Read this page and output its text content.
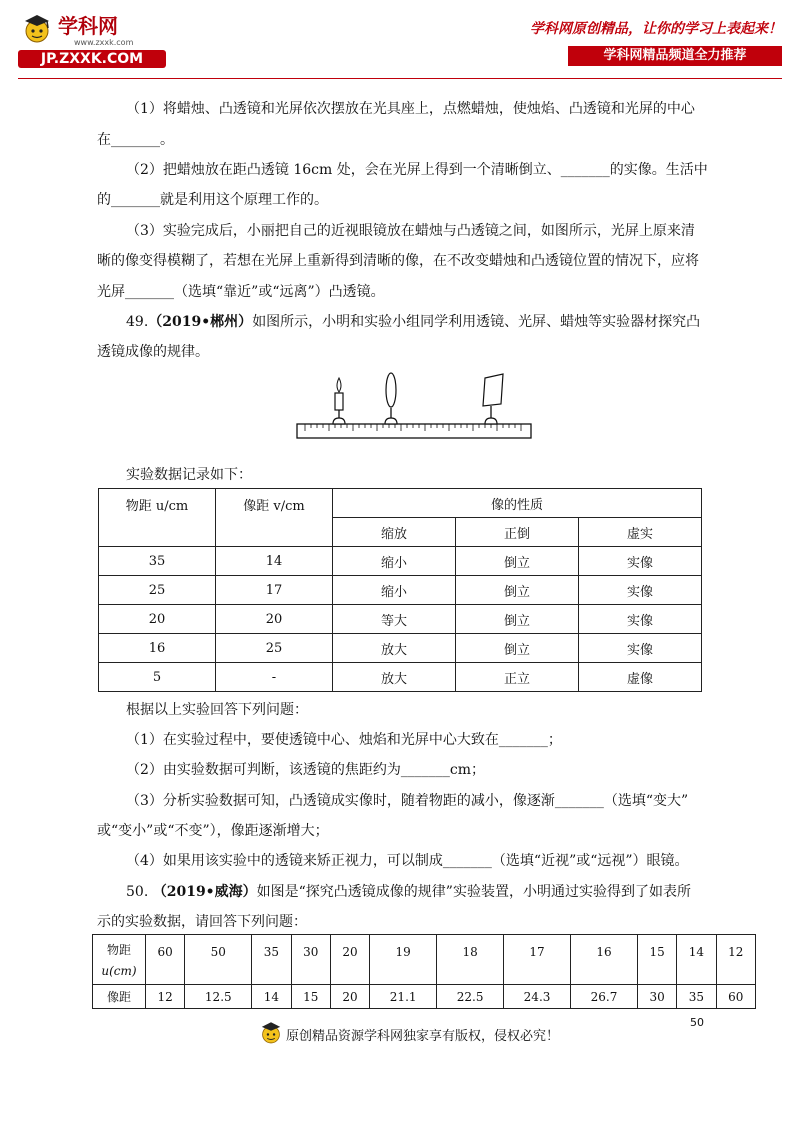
学科网
www.zxxk.com
JP.ZXXK.COM
学科网原创精品，让你的学习上表起来！
学科网精品频道全力推荐
（1）将蜡烛、凸透镜和光屏依次摆放在光具座上，点燃蜡烛，使烛焰、凸透镜和光屏的中心
在_______。
（2）把蜡烛放在距凸透镜 16cm 处，会在光屏上得到一个清晰倒立、_______的实像。生活中
的_______就是利用这个原理工作的。
（3）实验完成后，小丽把自己的近视眼镜放在蜡烛与凸透镜之间，如图所示，光屏上原来清
晰的像变得模糊了，若想在光屏上重新得到清晰的像，在不改变蜡烛和凸透镜位置的情况下，应将
光屏_______（选填“靠近”或“远离”）凸透镜。
49.（2019•郴州）如图所示，小明和实验小组同学利用透镜、光屏、蜡烛等实验器材探究凸
透镜成像的规律。
实验数据记录如下：
物距 u/cm	像距 v/cm	像的性质		
		缩放	正倒	虚实
35	14	缩小	倒立	实像
25	17	缩小	倒立	实像
20	20	等大	倒立	实像
16	25	放大	倒立	实像
5	-	放大	正立	虚像
根据以上实验回答下列问题：
（1）在实验过程中，要使透镜中心、烛焰和光屏中心大致在_______；
（2）由实验数据可判断，该透镜的焦距约为_______cm；
（3）分析实验数据可知，凸透镜成实像时，随着物距的减小，像逐渐_______（选填“变大”
或“变小”或“不变”），像距逐渐增大；
（4）如果用该实验中的透镜来矫正视力，可以制成_______（选填“近视”或“远视”）眼镜。
50. （2019•威海）如图是“探究凸透镜成像的规律”实验装置，小明通过实验得到了如表所
示的实验数据，请回答下列问题：
物距
u(cm)	60	50	35	30	20	19	18	17	16	15	14	12
像距	12	12.5	14	15	20	21.1	22.5	24.3	26.7	30	35	60
50
原创精品资源学科网独家享有版权，侵权必究！
